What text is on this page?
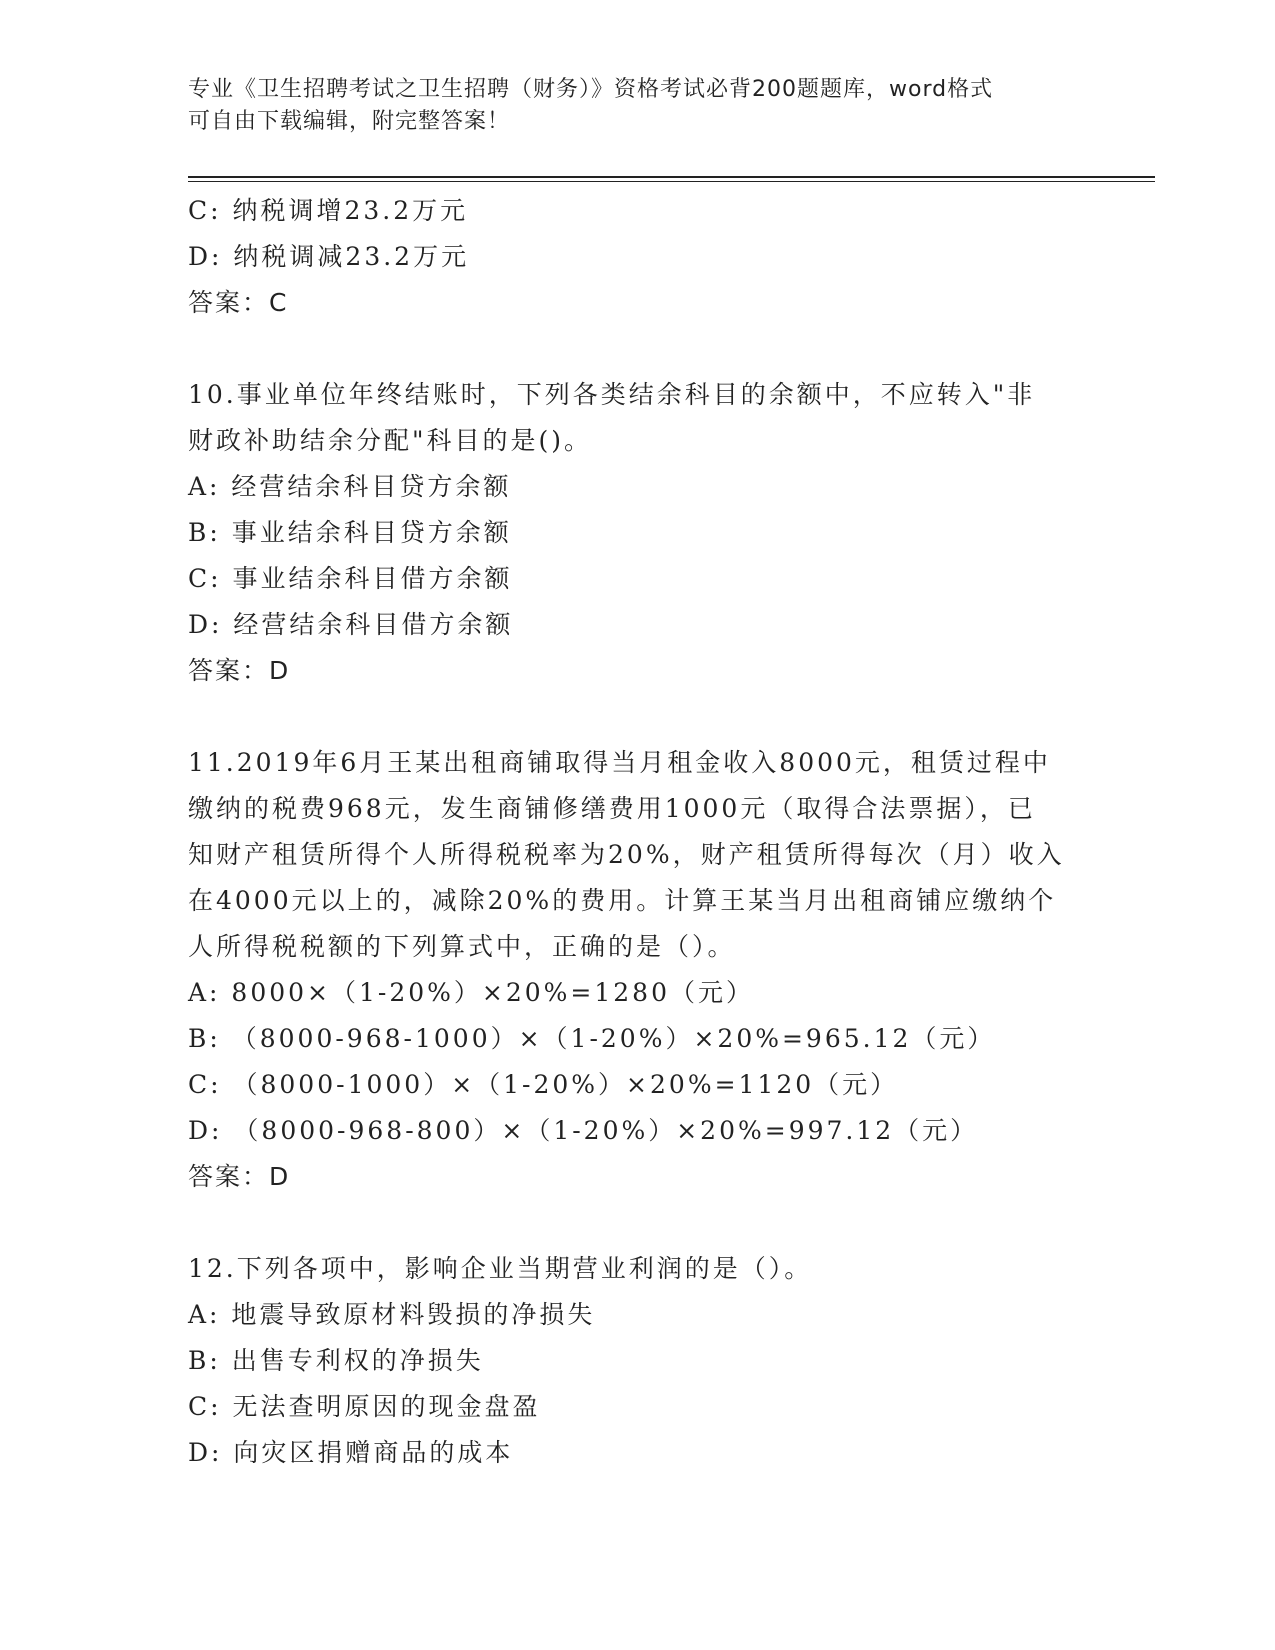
专业《卫生招聘考试之卫生招聘（财务）》资格考试必背200题题库，word格式
可自由下载编辑，附完整答案！
C: 纳税调增23.2万元
D: 纳税调减23.2万元
答案：C
10.事业单位年终结账时，下列各类结余科目的余额中，不应转入"非
财政补助结余分配"科目的是()。
A: 经营结余科目贷方余额
B: 事业结余科目贷方余额
C: 事业结余科目借方余额
D: 经营结余科目借方余额
答案：D
11.2019年6月王某出租商铺取得当月租金收入8000元，租赁过程中
缴纳的税费968元，发生商铺修缮费用1000元（取得合法票据），已
知财产租赁所得个人所得税税率为20%，财产租赁所得每次（月）收入
在4000元以上的，减除20%的费用。计算王某当月出租商铺应缴纳个
人所得税税额的下列算式中，正确的是（）。
A: 8000×（1-20%）×20%=1280（元）
B: （8000-968-1000）×（1-20%）×20%=965.12（元）
C: （8000-1000）×（1-20%）×20%=1120（元）
D: （8000-968-800）×（1-20%）×20%=997.12（元）
答案：D
12.下列各项中，影响企业当期营业利润的是（）。
A: 地震导致原材料毁损的净损失
B: 出售专利权的净损失
C: 无法查明原因的现金盘盈
D: 向灾区捐赠商品的成本
